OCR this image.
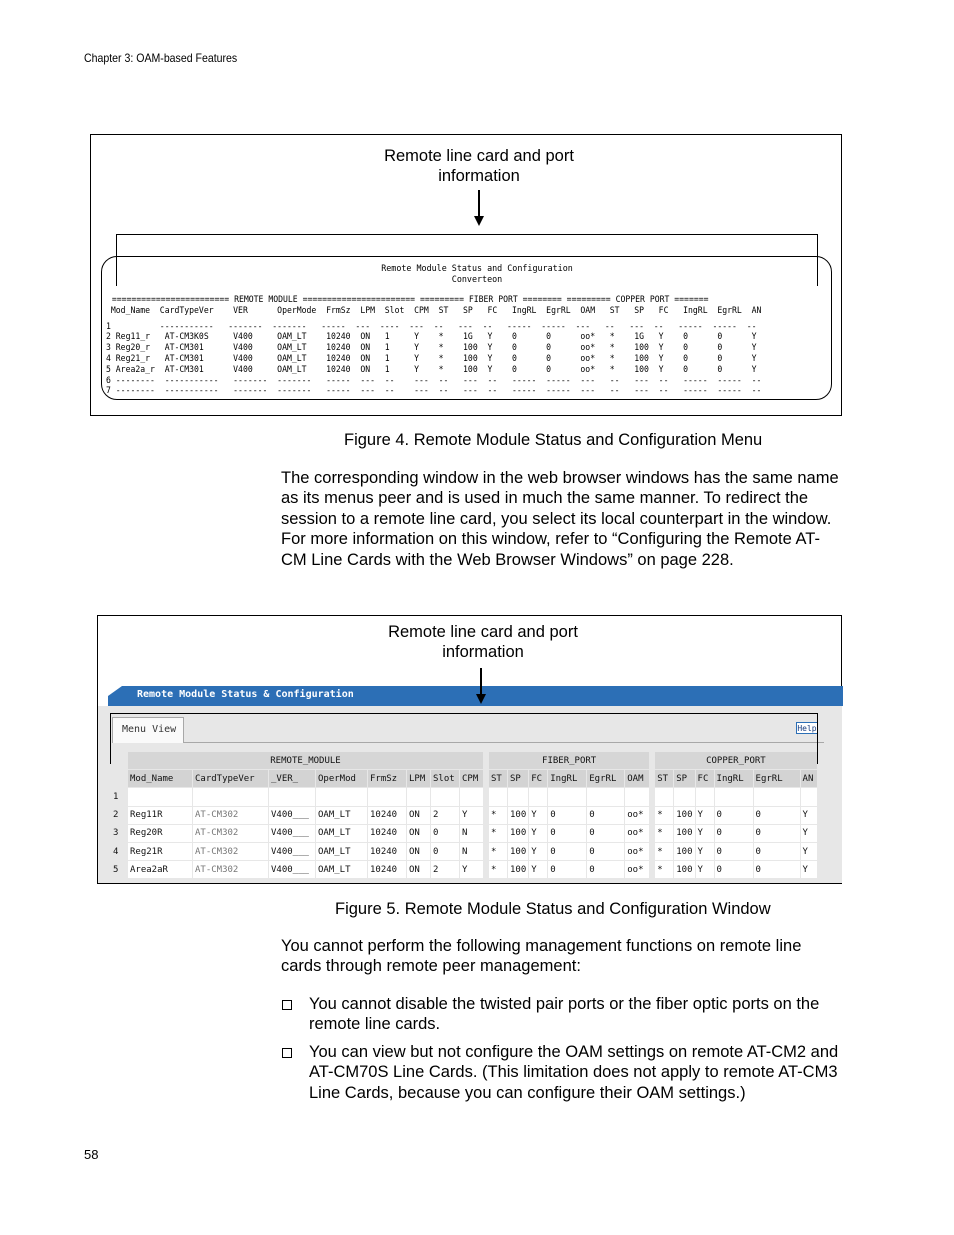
Chapter 3: OAM-based Features
Remote line card and port
information
Remote Module Status and Configuration
Converteon
======================== REMOTE MODULE ======================= ========= FIBER PORT ======== ========= COPPER PORT =======
Mod_Name  CardTypeVer    VER      OperMode  FrmSz  LPM  Slot  CPM  ST   SP   FC   IngRL  EgrRL  OAM   ST   SP   FC   IngRL  EgrRL  AN
1          -----------   -------  -------   -----  ---  ----  ---  --   ---  --   -----  -----  ---   --   ---  --   -----  -----  --
2 Reg11_r   AT-CM3K0S     V400     OAM_LT    10240  ON   1     Y    *    1G   Y    0      0      oo*   *    1G   Y    0      0      Y
3 Reg20_r   AT-CM301      V400     OAM_LT    10240  ON   1     Y    *    100  Y    0      0      oo*   *    100  Y    0      0      Y
4 Reg21_r   AT-CM301      V400     OAM_LT    10240  ON   1     Y    *    100  Y    0      0      oo*   *    100  Y    0      0      Y
5 Area2a_r  AT-CM301      V400     OAM_LT    10240  ON   1     Y    *    100  Y    0      0      oo*   *    100  Y    0      0      Y
6 --------  -----------   -------  -------   -----  ---  --    ---  --   ---  --   -----  -----  ---   --   ---  --   -----  -----  --
7 --------  -----------   -------  -------   -----  ---  --    ---  --   ---  --   -----  -----  ---   --   ---  --   -----  -----  --
Figure 4. Remote Module Status and Configuration Menu
The corresponding window in the web browser windows has the same name as its menus peer and is used in much the same manner. To redirect the session to a remote line card, you select its local counterpart in the window. For more information on this window, refer to “Configuring the Remote AT-CM Line Cards with the Web Browser Windows” on page 228.
Remote line card and port
information
Remote Module Status & Configuration
Menu View	Help
	REMOTE_MODULE									FIBER_PORT							COPPER_PORT					
	Mod_Name	CardTypeVer	_VER_	OperMod	FrmSz	LPM	Slot	CPM		ST	SP	FC	IngRL	EgrRL	OAM		ST	SP	FC	IngRL	EgrRL	AN
1																						
2	Reg11R	AT-CM302	V400___	OAM_LT	10240	ON	2	Y		*	100	Y	0	0	oo*		*	100	Y	0	0	Y
3	Reg20R	AT-CM302	V400___	OAM_LT	10240	ON	0	N		*	100	Y	0	0	oo*		*	100	Y	0	0	Y
4	Reg21R	AT-CM302	V400___	OAM_LT	10240	ON	0	N		*	100	Y	0	0	oo*		*	100	Y	0	0	Y
5	Area2aR	AT-CM302	V400___	OAM_LT	10240	ON	2	Y		*	100	Y	0	0	oo*		*	100	Y	0	0	Y
Figure 5. Remote Module Status and Configuration Window
You cannot perform the following management functions on remote line cards through remote peer management:
You cannot disable the twisted pair ports or the fiber optic ports on the remote line cards.
You can view but not configure the OAM settings on remote AT-CM2 and AT-CM70S Line Cards. (This limitation does not apply to remote AT-CM3 Line Cards, because you can configure their OAM settings.)
58
